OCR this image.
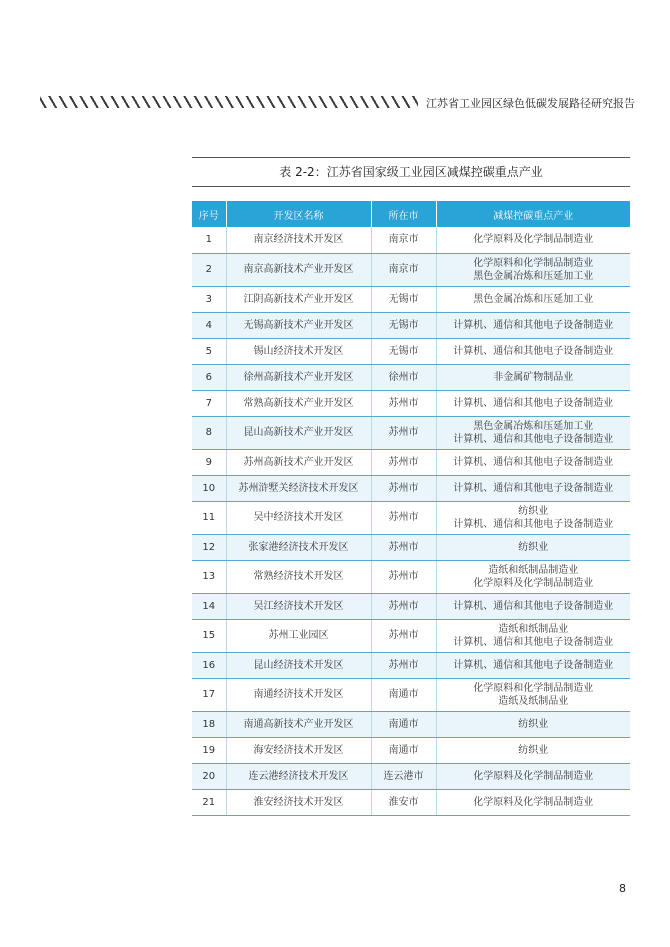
江苏省工业园区绿色低碳发展路径研究报告
表 2-2：江苏省国家级工业园区减煤控碳重点产业
序号	开发区名称	所在市	减煤控碳重点产业
1	南京经济技术开发区	南京市	化学原料及化学制品制造业

2	南京高新技术产业开发区	南京市	化学原料和化学制品制造业
黑色金属冶炼和压延加工业

3	江阴高新技术产业开发区	无锡市	黑色金属冶炼和压延加工业

4	无锡高新技术产业开发区	无锡市	计算机、通信和其他电子设备制造业

5	锡山经济技术开发区	无锡市	计算机、通信和其他电子设备制造业

6	徐州高新技术产业开发区	徐州市	非金属矿物制品业

7	常熟高新技术产业开发区	苏州市	计算机、通信和其他电子设备制造业

8	昆山高新技术产业开发区	苏州市	黑色金属冶炼和压延加工业
计算机、通信和其他电子设备制造业

9	苏州高新技术产业开发区	苏州市	计算机、通信和其他电子设备制造业

10	苏州浒墅关经济技术开发区	苏州市	计算机、通信和其他电子设备制造业

11	吴中经济技术开发区	苏州市	纺织业
计算机、通信和其他电子设备制造业

12	张家港经济技术开发区	苏州市	纺织业

13	常熟经济技术开发区	苏州市	造纸和纸制品制造业
化学原料及化学制品制造业

14	吴江经济技术开发区	苏州市	计算机、通信和其他电子设备制造业

15	苏州工业园区	苏州市	造纸和纸制品业
计算机、通信和其他电子设备制造业

16	昆山经济技术开发区	苏州市	计算机、通信和其他电子设备制造业

17	南通经济技术开发区	南通市	化学原料和化学制品制造业
造纸及纸制品业

18	南通高新技术产业开发区	南通市	纺织业

19	海安经济技术开发区	南通市	纺织业

20	连云港经济技术开发区	连云港市	化学原料及化学制品制造业

21	淮安经济技术开发区	淮安市	化学原料及化学制品制造业
8
